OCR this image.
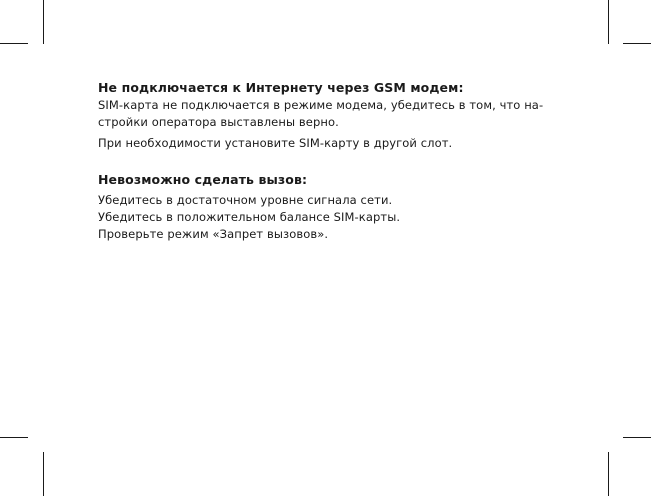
Не подключается к Интернету через GSM модем:

SIM-карта не подключается в режиме модема, убедитесь в том, что на-

стройки оператора выставлены верно.

При необходимости установите SIM-карту в другой слот.

Невозможно сделать вызов:

Убедитесь в достаточном уровне сигнала сети.

Убедитесь в положительном балансе SIM-карты.

Проверьте режим «Запрет вызовов».
